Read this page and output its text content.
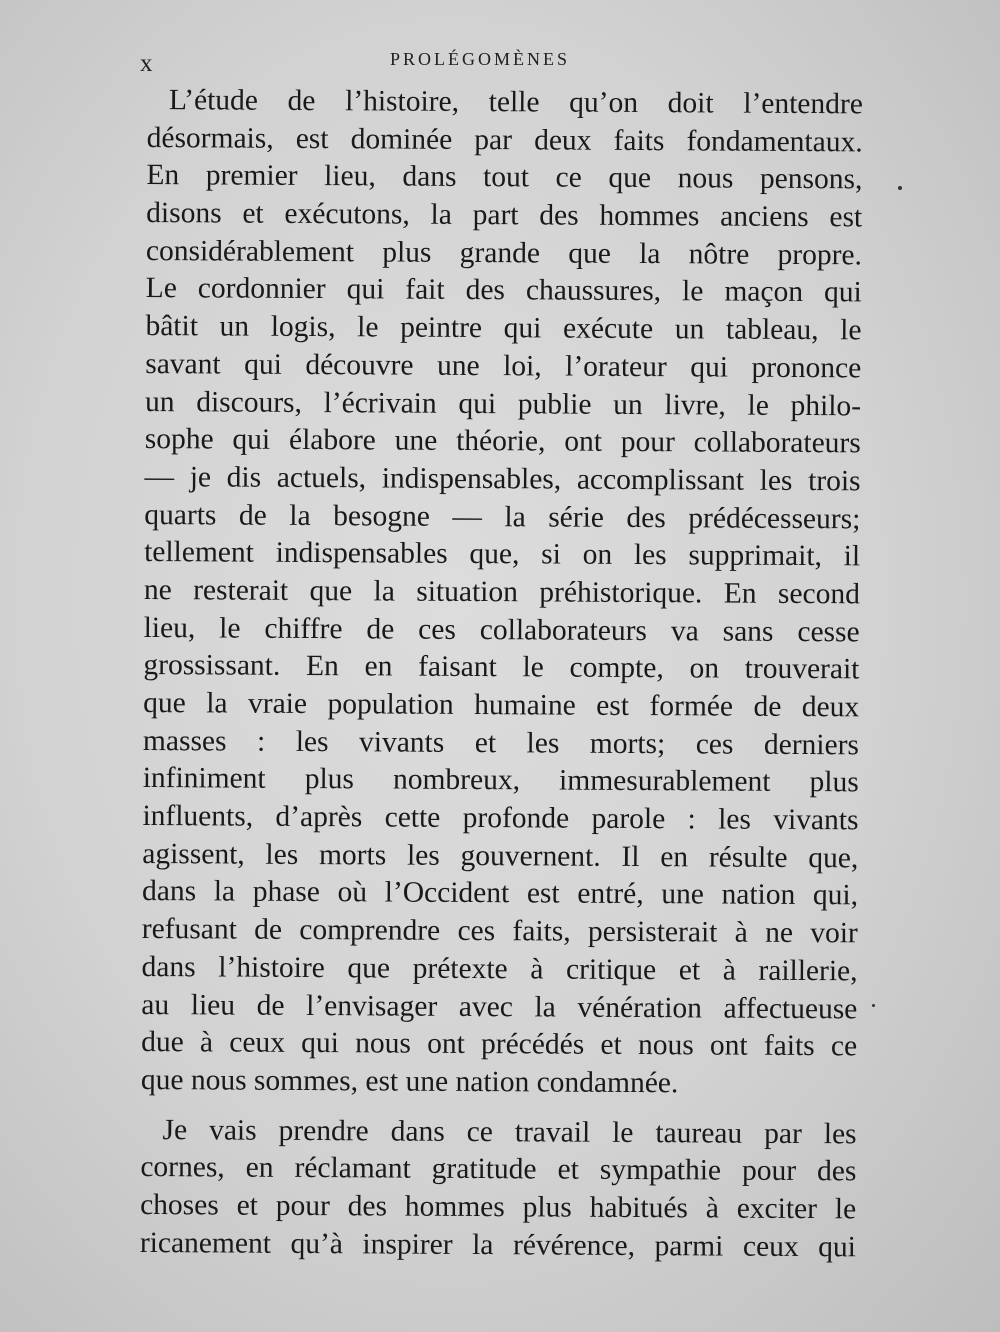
x	PROLÉGOMÈNES
L’étude de l’histoire, telle qu’on doit l’entendre
désormais, est dominée par deux faits fondamentaux.
En premier lieu, dans tout ce que nous pensons,
disons et exécutons, la part des hommes anciens est
considérablement plus grande que la nôtre propre.
Le cordonnier qui fait des chaussures, le maçon qui
bâtit un logis, le peintre qui exécute un tableau, le
savant qui découvre une loi, l’orateur qui prononce
un discours, l’écrivain qui publie un livre, le philo-
sophe qui élabore une théorie, ont pour collaborateurs
— je dis actuels, indispensables, accomplissant les trois
quarts de la besogne — la série des prédécesseurs;
tellement indispensables que, si on les supprimait, il
ne resterait que la situation préhistorique. En second
lieu, le chiffre de ces collaborateurs va sans cesse
grossissant. En en faisant le compte, on trouverait
que la vraie population humaine est formée de deux
masses : les vivants et les morts; ces derniers
infiniment plus nombreux, immesurablement plus
influents, d’après cette profonde parole : les vivants
agissent, les morts les gouvernent. Il en résulte que,
dans la phase où l’Occident est entré, une nation qui,
refusant de comprendre ces faits, persisterait à ne voir
dans l’histoire que prétexte à critique et à raillerie,
au lieu de l’envisager avec la vénération affectueuse
due à ceux qui nous ont précédés et nous ont faits ce
que nous sommes, est une nation condamnée.
Je vais prendre dans ce travail le taureau par les
cornes, en réclamant gratitude et sympathie pour des
choses et pour des hommes plus habitués à exciter le
ricanement qu’à inspirer la révérence, parmi ceux qui
